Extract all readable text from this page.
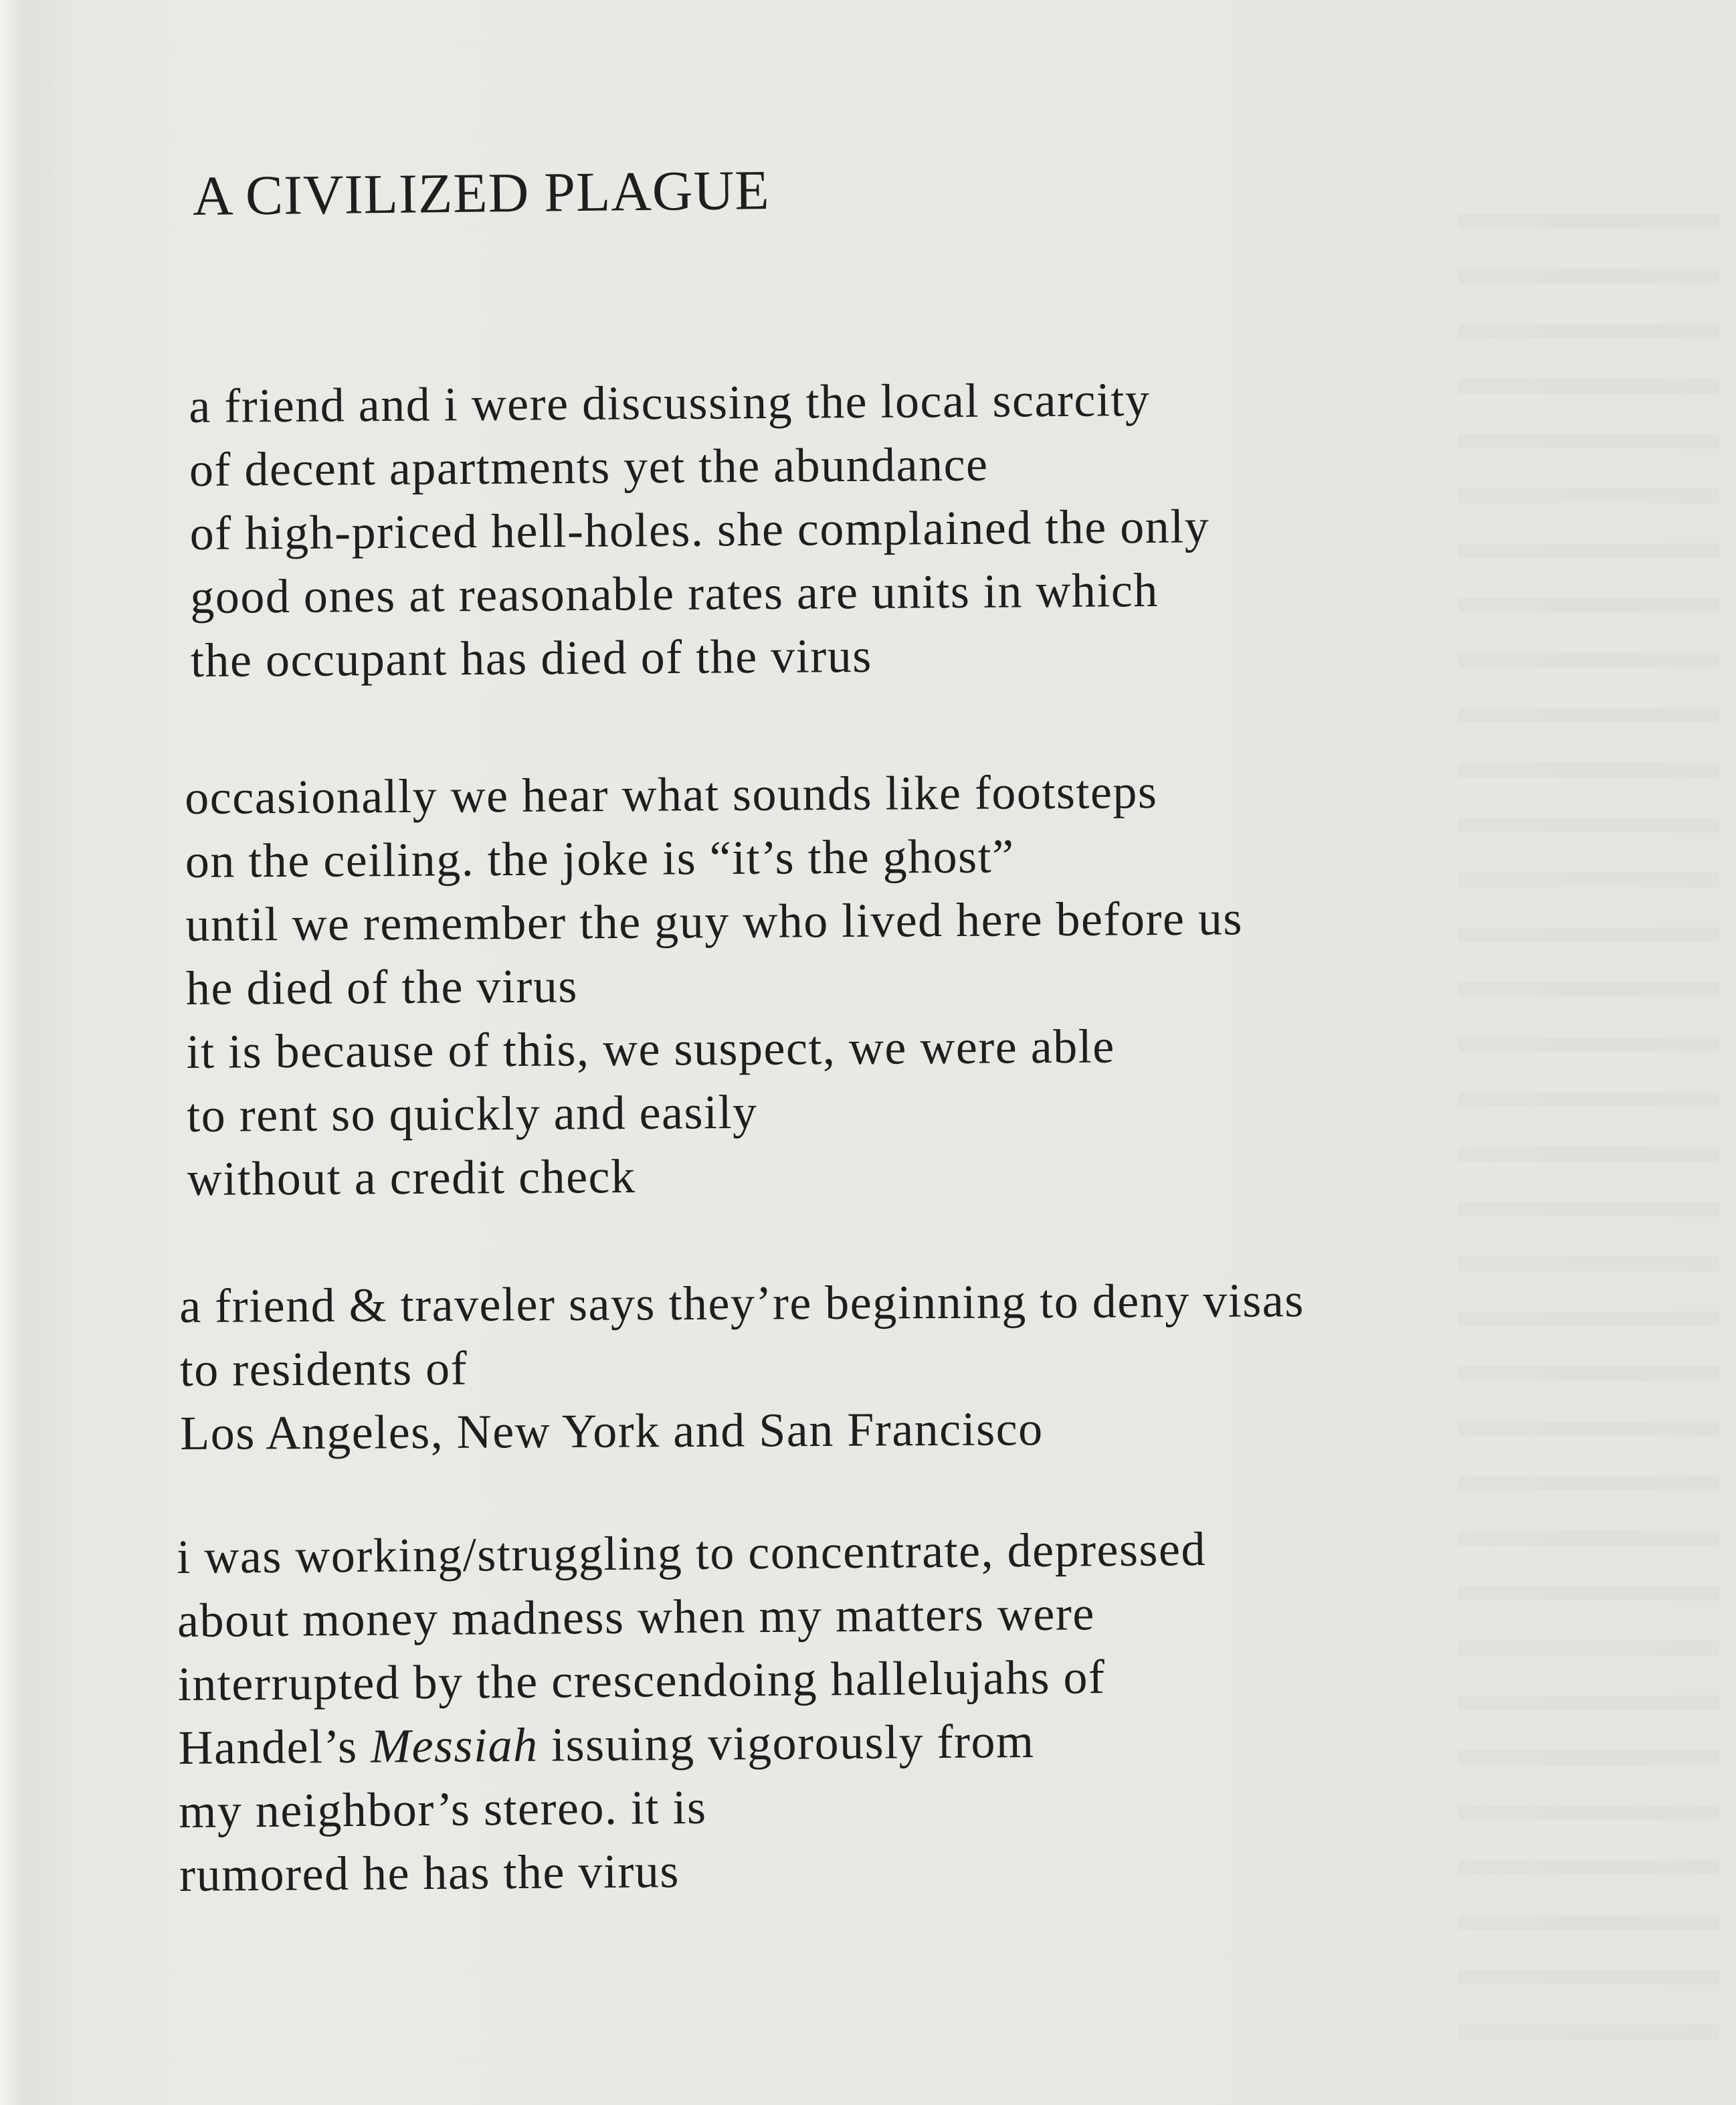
A CIVILIZED PLAGUE
a friend and i were discussing the local scarcity
of decent apartments yet the abundance
of high-priced hell-holes. she complained the only
good ones at reasonable rates are units in which
the occupant has died of the virus
occasionally we hear what sounds like footsteps
on the ceiling. the joke is “it’s the ghost”
until we remember the guy who lived here before us
he died of the virus
it is because of this, we suspect, we were able
to rent so quickly and easily
without a credit check
a friend & traveler says they’re beginning to deny visas
to residents of
Los Angeles, New York and San Francisco
i was working/struggling to concentrate, depressed
about money madness when my matters were
interrupted by the crescendoing hallelujahs of
Handel’s Messiah issuing vigorously from
my neighbor’s stereo. it is
rumored he has the virus
